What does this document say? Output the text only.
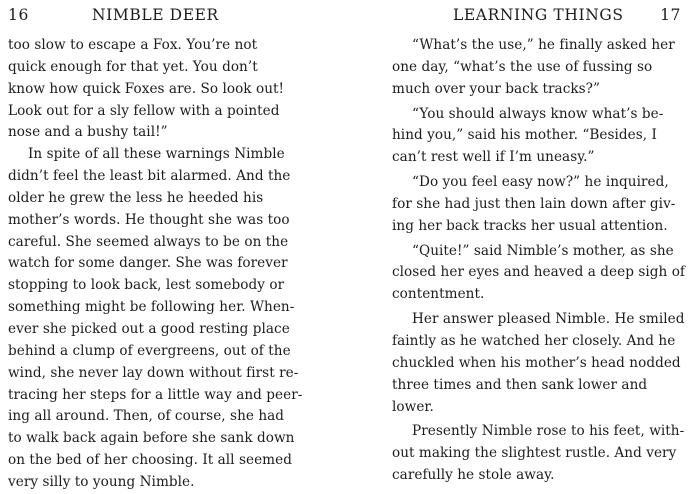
16	NIMBLE DEER
too slow to escape a Fox. You’re not
quick enough for that yet. You don’t
know how quick Foxes are. So look out!
Look out for a sly fellow with a pointed
nose and a bushy tail!”
In spite of all these warnings Nimble
didn’t feel the least bit alarmed. And the
older he grew the less he heeded his
mother’s words. He thought she was too
careful. She seemed always to be on the
watch for some danger. She was forever
stopping to look back, lest somebody or
something might be following her. When-
ever she picked out a good resting place
behind a clump of evergreens, out of the
wind, she never lay down without first re-
tracing her steps for a little way and peer-
ing all around. Then, of course, she had
to walk back again before she sank down
on the bed of her choosing. It all seemed
very silly to young Nimble.
LEARNING THINGS 17
“What’s the use,” he finally asked her
one day, “what’s the use of fussing so
much over your back tracks?”
“You should always know what’s be-
hind you,” said his mother. “Besides, I
can’t rest well if I’m uneasy.”
“Do you feel easy now?” he inquired,
for she had just then lain down after giv-
ing her back tracks her usual attention.
“Quite!” said Nimble’s mother, as she
closed her eyes and heaved a deep sigh of
contentment.
Her answer pleased Nimble. He smiled
faintly as he watched her closely. And he
chuckled when his mother’s head nodded
three times and then sank lower and
lower.
Presently Nimble rose to his feet, with-
out making the slightest rustle. And very
carefully he stole away.
